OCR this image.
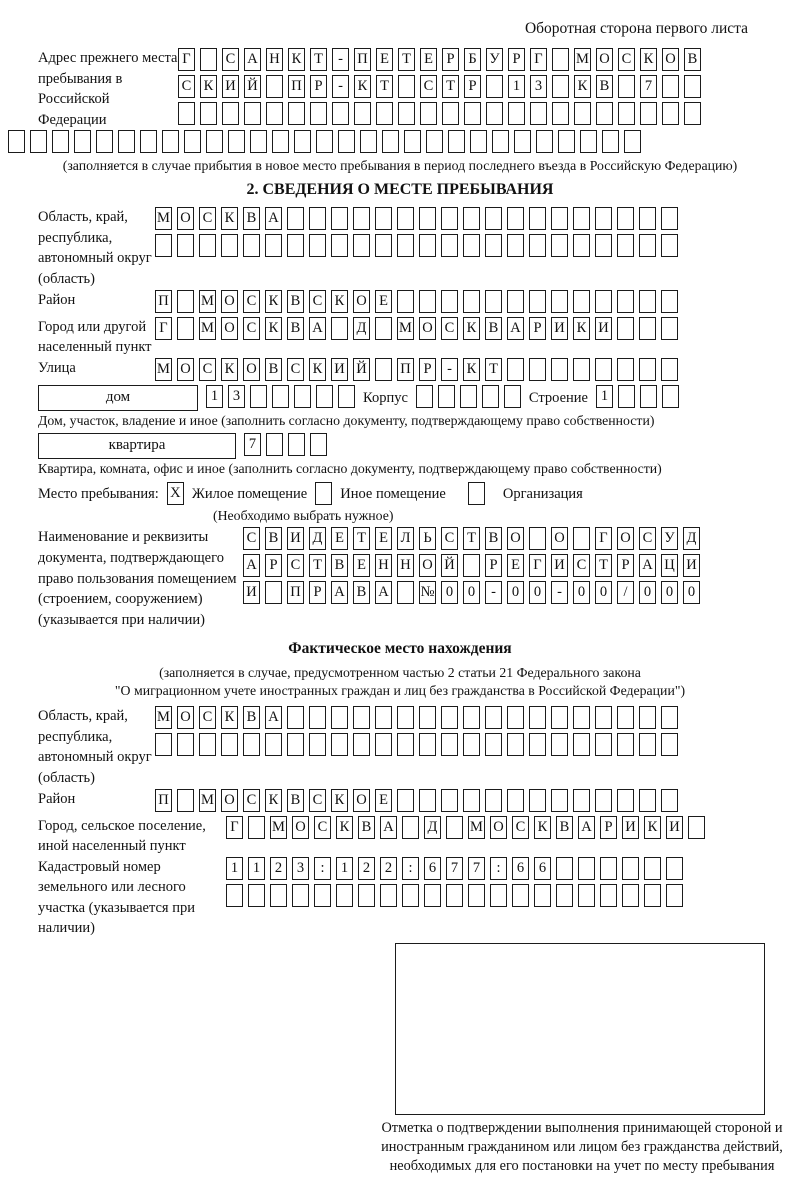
Оборотная сторона первого листа
Адрес прежнего места пребывания в Российской Федерации
Г С А Н К Т	- П Е Т Е Р Б У Р Г М О С К О В
С К И Й П Р	-	К Т С Т Р	1	3	К В	7
(заполняется в случае прибытия в новое место пребывания в период последнего въезда в Российскую Федерацию)
2. СВЕДЕНИЯ О МЕСТЕ ПРЕБЫВАНИЯ
Область, край, республика, автономный округ (область)
М О С К В А
Район	П М О С К В С К О Е
Город или другой населенный пункт
Г М О С К В А Д М О С К В А Р И К И
Улица	М О С К О В С К И Й П Р	-	К Т
дом	1	3	Корпус	Строение 1
Дом, участок, владение и иное (заполнить согласно документу, подтверждающему право собственности)
квартира	7
Квартира, комната, офис и иное (заполнить согласно документу, подтверждающему право собственности)
Место пребывания: X Жилое помещение Иное помещение	Организация
(Необходимо выбрать нужное)
Наименование и реквизиты документа, подтверждающего право пользования помещением (строением, сооружением) (указывается при наличии)
С В И Д Е Т Е Л Ь С Т В О О Г О С У Д
А Р С Т В Е Н Н О Й	Р Е Г И С Т Р А Ц И
И П Р А В А № 0	0	-	0	0	-	0	0	/	0	0	0
Фактическое место нахождения
(заполняется в случае, предусмотренном частью 2 статьи 21 Федерального закона
"О миграционном учете иностранных граждан и лиц без гражданства в Российской Федерации")
Область, край, республика, автономный округ (область)
М О С К В А
Район	П М О С К В С К О Е
Город, сельское поселение, иной населенный пункт
Г М О С К В А Д М О С К В А Р И К И
Кадастровый номер земельного или лесного участка (указывается при наличии)
1	1	2	3	:	1	2	2	:	6	7	7	:	6	6
Отметка о подтверждении выполнения принимающей стороной и иностранным гражданином или лицом без гражданства действий, необходимых для его постановки на учет по месту пребывания
